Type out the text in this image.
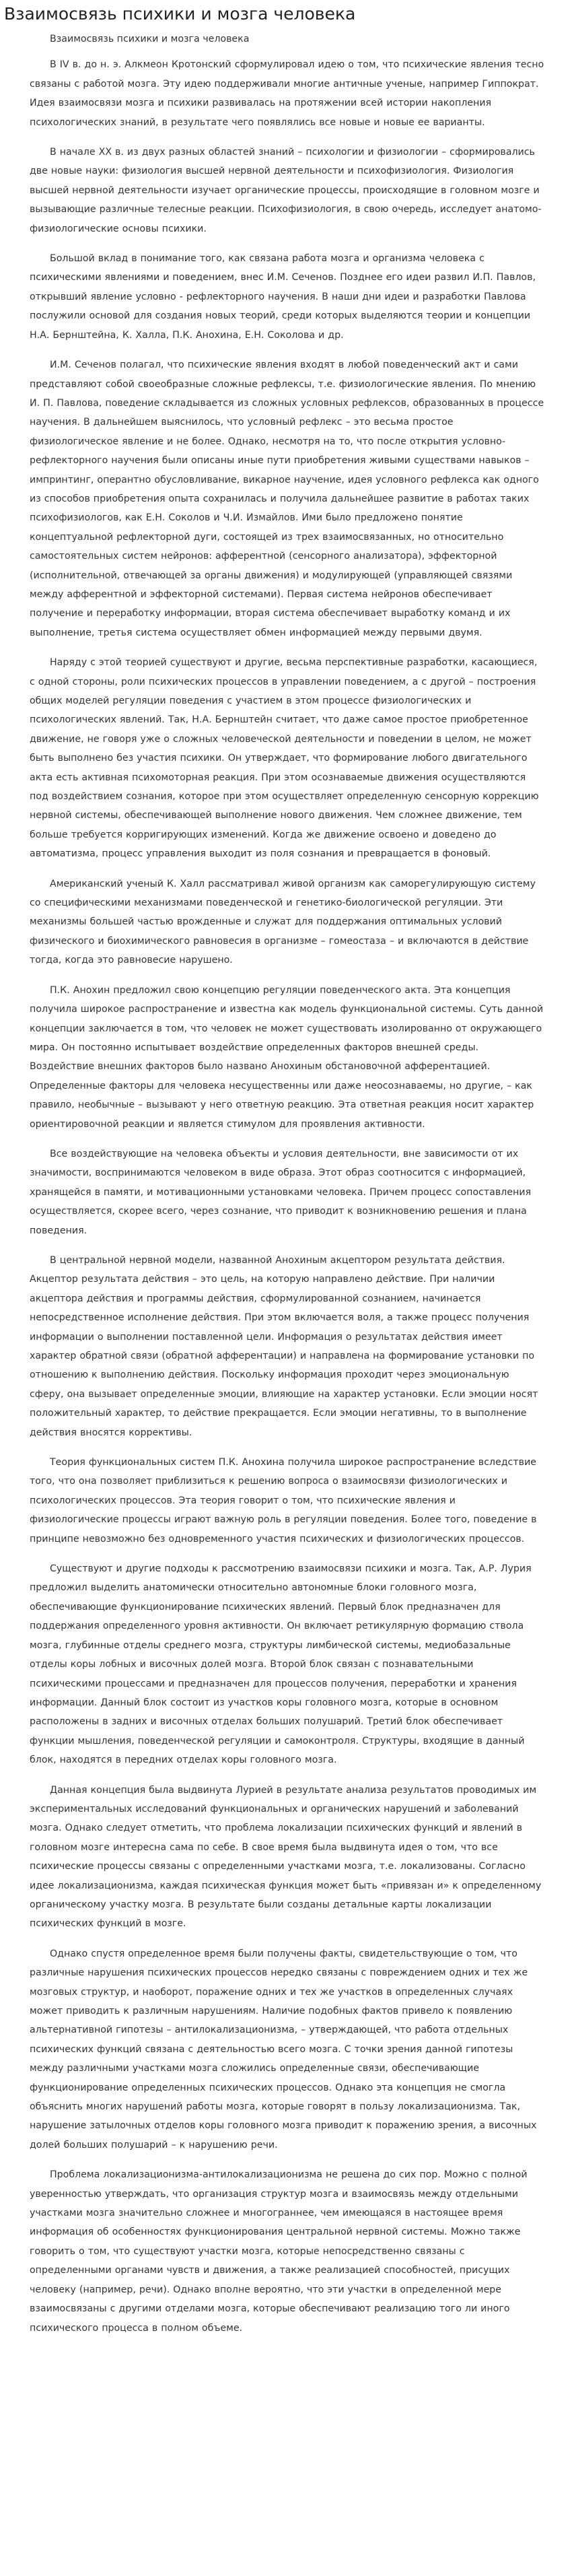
Взаимосвязь психики и мозга человека
Взаимосвязь психики и мозга человека

В IV в. до н. э. Алкмеон Кротонский сформулировал идею о том, что психические явления тесно связаны с работой мозга. Эту идею поддерживали многие античные ученые, например Гиппократ. Идея взаимосвязи мозга и психики развивалась на протяжении всей истории накопления психологических знаний, в результате чего появлялись все новые и новые ее варианты.

В начале XX в. из двух разных областей знаний – психологии и физиологии – сформировались две новые науки: физиология высшей нервной деятельности и психофизиология. Физиология высшей нервной деятельности изучает органические процессы, происходящие в головном мозге и вызывающие различные телесные реакции. Психофизиология, в свою очередь, исследует анатомо-физиологические основы психики.

Большой вклад в понимание того, как связана работа мозга и организма человека с психическими явлениями и поведением, внес И.М. Сеченов. Позднее его идеи развил И.П. Павлов, открывший явление условно - рефлекторного научения. В наши дни идеи и разработки Павлова послужили основой для создания новых теорий, среди которых выделяются теории и концепции Н.А. Бернштейна, К. Халла, П.К. Анохина, Е.Н. Соколова и др.

И.М. Сеченов полагал, что психические явления входят в любой поведенческий акт и сами представляют собой своеобразные сложные рефлексы, т.е. физиологические явления. По мнению И. П. Павлова, поведение складывается из сложных условных рефлексов, образованных в процессе научения. В дальнейшем выяснилось, что условный рефлекс – это весьма простое физиологическое явление и не более. Однако, несмотря на то, что после открытия условно-рефлекторного научения были описаны иные пути приобретения живыми существами навыков – импринтинг, оперантно обусловливание, викарное научение, идея условного рефлекса как одного из способов приобретения опыта сохранилась и получила дальнейшее развитие в работах таких психофизиологов, как Е.Н. Соколов и Ч.И. Измайлов. Ими было предложено понятие концептуальной рефлекторной дуги, состоящей из трех взаимосвязанных, но относительно самостоятельных систем нейронов: афферентной (сенсорного анализатора), эффекторной (исполнительной, отвечающей за органы движения) и модулирующей (управляющей связями между афферентной и эффекторной системами). Первая система нейронов обеспечивает получение и переработку информации, вторая система обеспечивает выработку команд и их выполнение, третья система осуществляет обмен информацией между первыми двумя.

Наряду с этой теорией существуют и другие, весьма перспективные разработки, касающиеся, с одной стороны, роли психических процессов в управлении поведением, а с другой – построения общих моделей регуляции поведения с участием в этом процессе физиологических и психологических явлений. Так, Н.А. Бернштейн считает, что даже самое простое приобретенное движение, не говоря уже о сложных человеческой деятельности и поведении в целом, не может быть выполнено без участия психики. Он утверждает, что формирование любого двигательного акта есть активная психомоторная реакция. При этом осознаваемые движения осуществляются под воздействием сознания, которое при этом осуществляет определенную сенсорную коррекцию нервной системы, обеспечивающей выполнение нового движения. Чем сложнее движение, тем больше требуется корригирующих изменений. Когда же движение освоено и доведено до автоматизма, процесс управления выходит из поля сознания и превращается в фоновый.

Американский ученый К. Халл рассматривал живой организм как саморегулирующую систему со специфическими механизмами поведенческой и генетико-биологической регуляции. Эти механизмы большей частью врожденные и служат для поддержания оптимальных условий физического и биохимического равновесия в организме – гомеостаза – и включаются в действие тогда, когда это равновесие нарушено.

П.К. Анохин предложил свою концепцию регуляции поведенческого акта. Эта концепция получила широкое распространение и известна как модель функциональной системы. Суть данной концепции заключается в том, что человек не может существовать изолированно от окружающего мира. Он постоянно испытывает воздействие определенных факторов внешней среды. Воздействие внешних факторов было названо Анохиным обстановочной афферентацией. Определенные факторы для человека несущественны или даже неосознаваемы, но другие, – как правило, необычные – вызывают у него ответную реакцию. Эта ответная реакция носит характер ориентировочной реакции и является стимулом для проявления активности.

Все воздействующие на человека объекты и условия деятельности, вне зависимости от их значимости, воспринимаются человеком в виде образа. Этот образ соотносится с информацией, хранящейся в памяти, и мотивационными установками человека. Причем процесс сопоставления осуществляется, скорее всего, через сознание, что приводит к возникновению решения и плана поведения.

В центральной нервной модели, названной Анохиным акцептором результата действия. Акцептор результата действия – это цель, на которую направлено действие. При наличии акцептора действия и программы действия, сформулированной сознанием, начинается непосредственное исполнение действия. При этом включается воля, а также процесс получения информации о выполнении поставленной цели. Информация о результатах действия имеет характер обратной связи (обратной афферентации) и направлена на формирование установки по отношению к выполнению действия. Поскольку информация проходит через эмоциональную сферу, она вызывает определенные эмоции, влияющие на характер установки. Если эмоции носят положительный характер, то действие прекращается. Если эмоции негативны, то в выполнение действия вносятся коррективы.

Теория функциональных систем П.К. Анохина получила широкое распространение вследствие того, что она позволяет приблизиться к решению вопроса о взаимосвязи физиологических и психологических процессов. Эта теория говорит о том, что психические явления и физиологические процессы играют важную роль в регуляции поведения. Более того, поведение в принципе невозможно без одновременного участия психических и физиологических процессов.

Существуют и другие подходы к рассмотрению взаимосвязи психики и мозга. Так, А.Р. Лурия предложил выделить анатомически относительно автономные блоки головного мозга, обеспечивающие функционирование психических явлений. Первый блок предназначен для поддержания определенного уровня активности. Он включает ретикулярную формацию ствола мозга, глубинные отделы среднего мозга, структуры лимбической системы, медиобазальные отделы коры лобных и височных долей мозга. Второй блок связан с познавательными психическими процессами и предназначен для процессов получения, переработки и хранения информации. Данный блок состоит из участков коры головного мозга, которые в основном расположены в задних и височных отделах больших полушарий. Третий блок обеспечивает функции мышления, поведенческой регуляции и самоконтроля. Структуры, входящие в данный блок, находятся в передних отделах коры головного мозга.

Данная концепция была выдвинута Лурией в результате анализа результатов проводимых им экспериментальных исследований функциональных и органических нарушений и заболеваний мозга. Однако следует отметить, что проблема локализации психических функций и явлений в головном мозге интересна сама по себе. В свое время была выдвинута идея о том, что все психические процессы связаны с определенными участками мозга, т.е. локализованы. Согласно идее локализационизма, каждая психическая функция может быть «привязан и» к определенному органическому участку мозга. В результате были созданы детальные карты локализации психических функций в мозге.

Однако спустя определенное время были получены факты, свидетельствующие о том, что различные нарушения психических процессов нередко связаны с повреждением одних и тех же мозговых структур, и наоборот, поражение одних и тех же участков в определенных случаях может приводить к различным нарушениям. Наличие подобных фактов привело к появлению альтернативной гипотезы – антилокализационизма, – утверждающей, что работа отдельных психических функций связана с деятельностью всего мозга. С точки зрения данной гипотезы между различными участками мозга сложились определенные связи, обеспечивающие функционирование определенных психических процессов. Однако эта концепция не смогла объяснить многих нарушений работы мозга, которые говорят в пользу локализационизма. Так, нарушение затылочных отделов коры головного мозга приводит к поражению зрения, а височных долей больших полушарий – к нарушению речи.

Проблема локализационизма-антилокализационизма не решена до сих пор. Можно с полной уверенностью утверждать, что организация структур мозга и взаимосвязь между отдельными участками мозга значительно сложнее и многограннее, чем имеющаяся в настоящее время информация об особенностях функционирования центральной нервной системы. Можно также говорить о том, что существуют участки мозга, которые непосредственно связаны с определенными органами чувств и движения, а также реализацией способностей, присущих человеку (например, речи). Однако вполне вероятно, что эти участки в определенной мере взаимосвязаны с другими отделами мозга, которые обеспечивают реализацию того ли иного психического процесса в полном объеме.
